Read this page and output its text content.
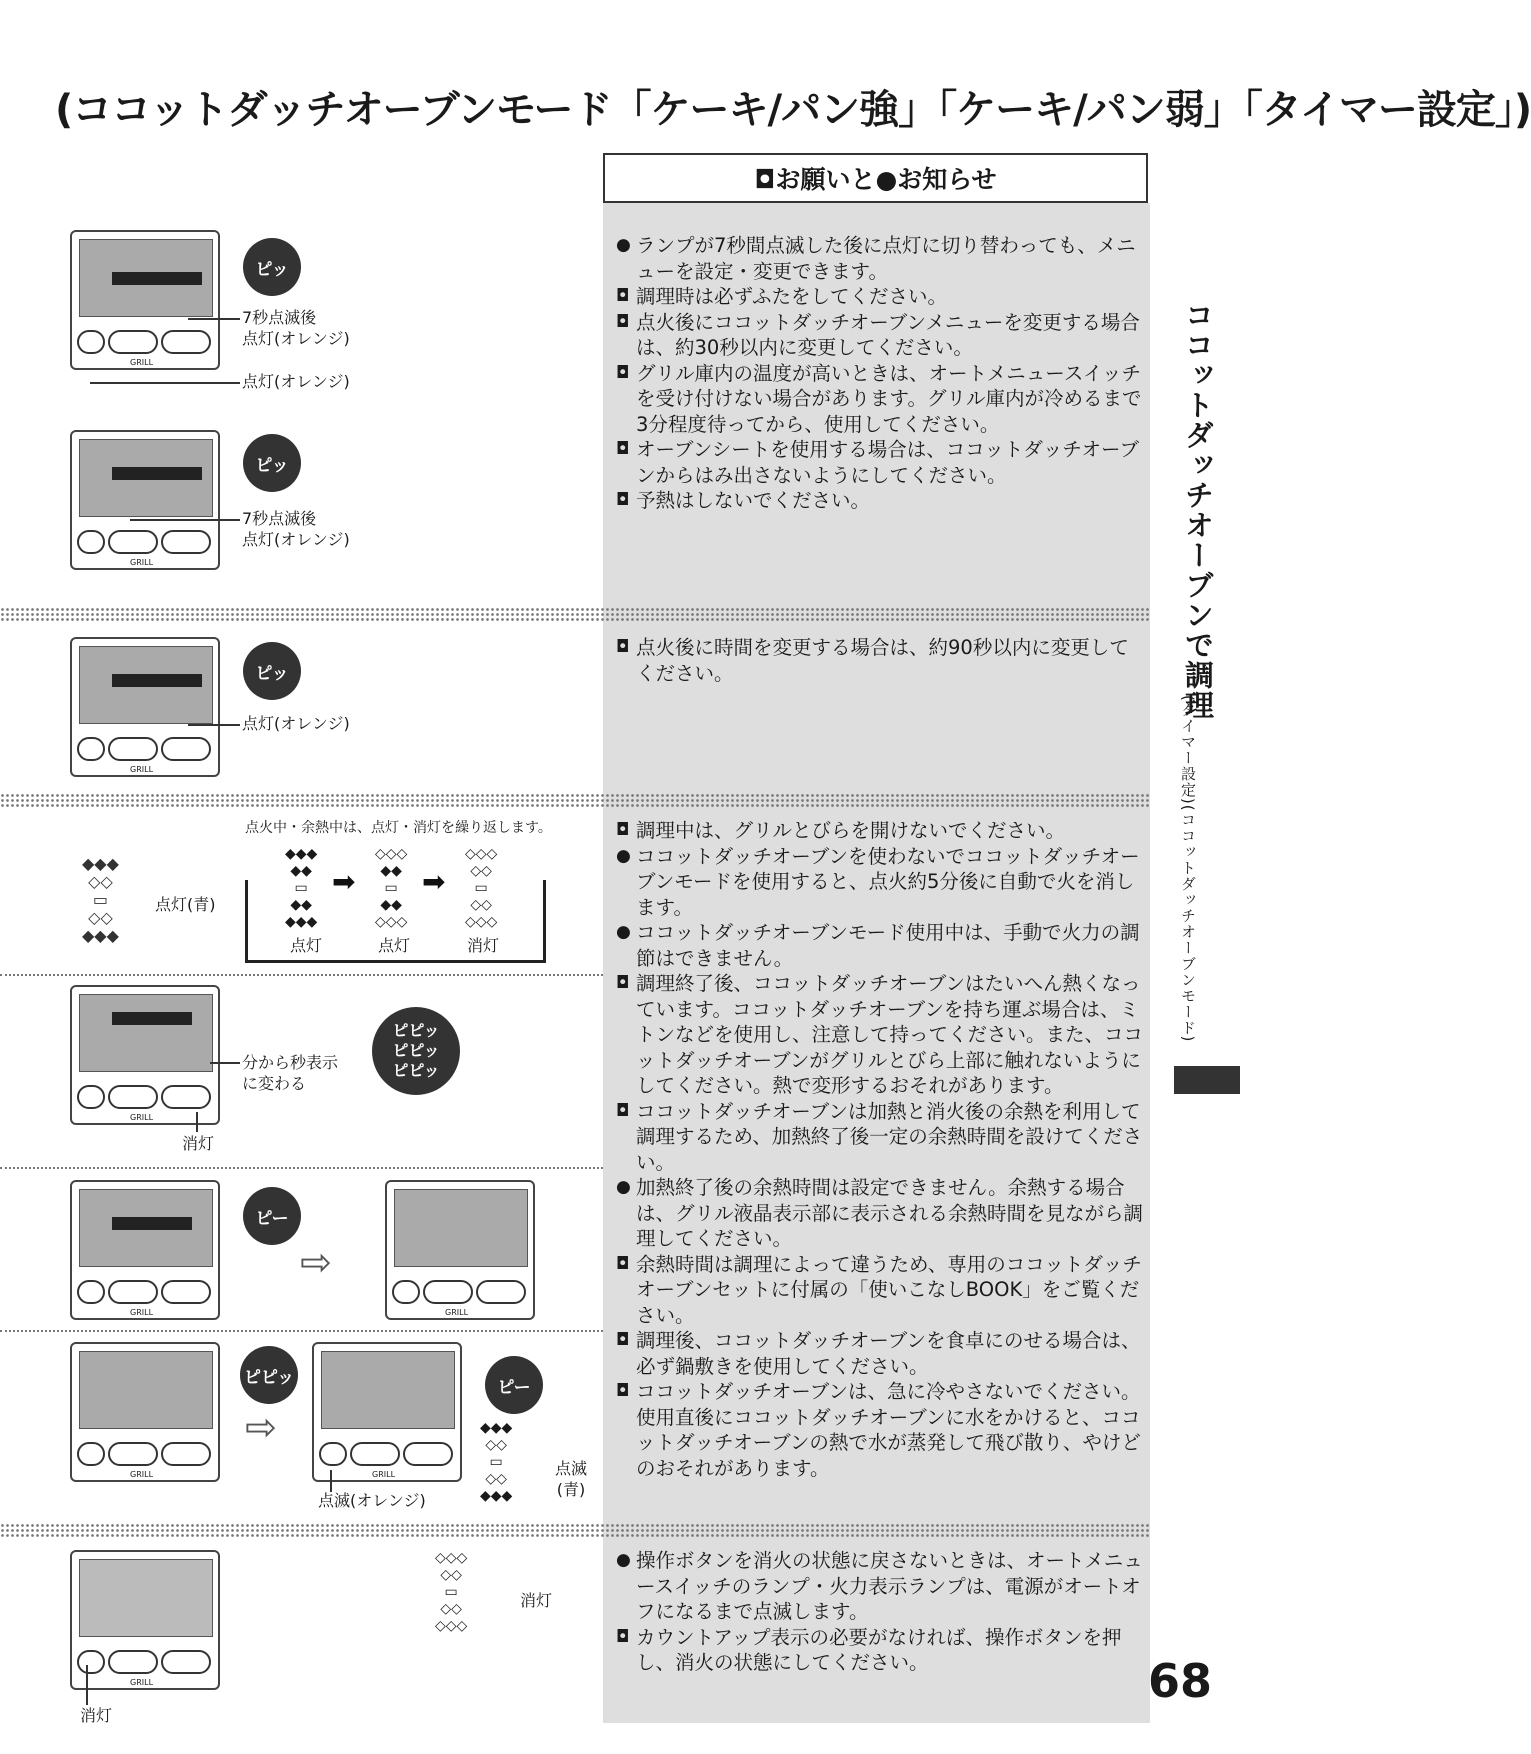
(ココットダッチオーブンモード「ケーキ/パン強」「ケーキ/パン弱」「タイマー設定」)
◘お願いと●お知らせ
● ランプが7秒間点滅した後に点灯に切り替わっても、メニューを設定・変更できます。

◘ 調理時は必ずふたをしてください。

◘ 点火後にココットダッチオーブンメニューを変更する場合は、約30秒以内に変更してください。

◘ グリル庫内の温度が高いときは、オートメニュースイッチを受け付けない場合があります。グリル庫内が冷めるまで3分程度待ってから、使用してください。

◘ オーブンシートを使用する場合は、ココットダッチオーブンからはみ出さないようにしてください。

◘ 予熱はしないでください。

◘ 点火後に時間を変更する場合は、約90秒以内に変更してください。

◘ 調理中は、グリルとびらを開けないでください。

● ココットダッチオーブンを使わないでココットダッチオーブンモードを使用すると、点火約5分後に自動で火を消します。

● ココットダッチオーブンモード使用中は、手動で火力の調節はできません。

◘ 調理終了後、ココットダッチオーブンはたいへん熱くなっています。ココットダッチオーブンを持ち運ぶ場合は、ミトンなどを使用し、注意して持ってください。また、ココットダッチオーブンがグリルとびら上部に触れないようにしてください。熱で変形するおそれがあります。

◘ ココットダッチオーブンは加熱と消火後の余熱を利用して調理するため、加熱終了後一定の余熱時間を設けてください。

● 加熱終了後の余熱時間は設定できません。余熱する場合は、グリル液晶表示部に表示される余熱時間を見ながら調理してください。

◘ 余熱時間は調理によって違うため、専用のココットダッチオーブンセットに付属の「使いこなしBOOK」をご覧ください。

◘ 調理後、ココットダッチオーブンを食卓にのせる場合は、必ず鍋敷きを使用してください。

◘ ココットダッチオーブンは、急に冷やさないでください。使用直後にココットダッチオーブンに水をかけると、ココットダッチオーブンの熱で水が蒸発して飛び散り、やけどのおそれがあります。

● 操作ボタンを消火の状態に戻さないときは、オートメニュースイッチのランプ・火力表示ランプは、電源がオートオフになるまで点滅します。

◘ カウントアップ表示の必要がなければ、操作ボタンを押し、消火の状態にしてください。

ココットダッチオーブンで調理
(タイマー設定)(ココットダッチオーブンモード)
68
GRILL
ピッ
7秒点滅後
点灯(オレンジ)
点灯(オレンジ)
GRILL
ピッ
7秒点滅後
点灯(オレンジ)
GRILL
ピッ
点灯(オレンジ)
点火中・余熱中は、点灯・消灯を繰り返します。
◆◆◆
◇◇
▭
◇◇
◆◆◆
点灯(青)
◆◆◆
◆◆
▭
◆◆
◆◆◆
◇◇◇
◆◆
▭
◆◆
◇◇◇
◇◇◇
◇◇
▭
◇◇
◇◇◇
➡ ➡
点灯	点灯	消灯
GRILL
分から秒表示
に変わる
ピピッ
ピピッ
ピピッ
消灯
GRILL
ピー
⇨
GRILL
GRILL
⇨
GRILL
ピピッ	ピー
点滅(オレンジ)
◆◆◆
◇◇
▭
◇◇
◆◆◆
点滅
(青)
GRILL
消灯
◇◇◇
◇◇
▭
◇◇
◇◇◇
消灯
